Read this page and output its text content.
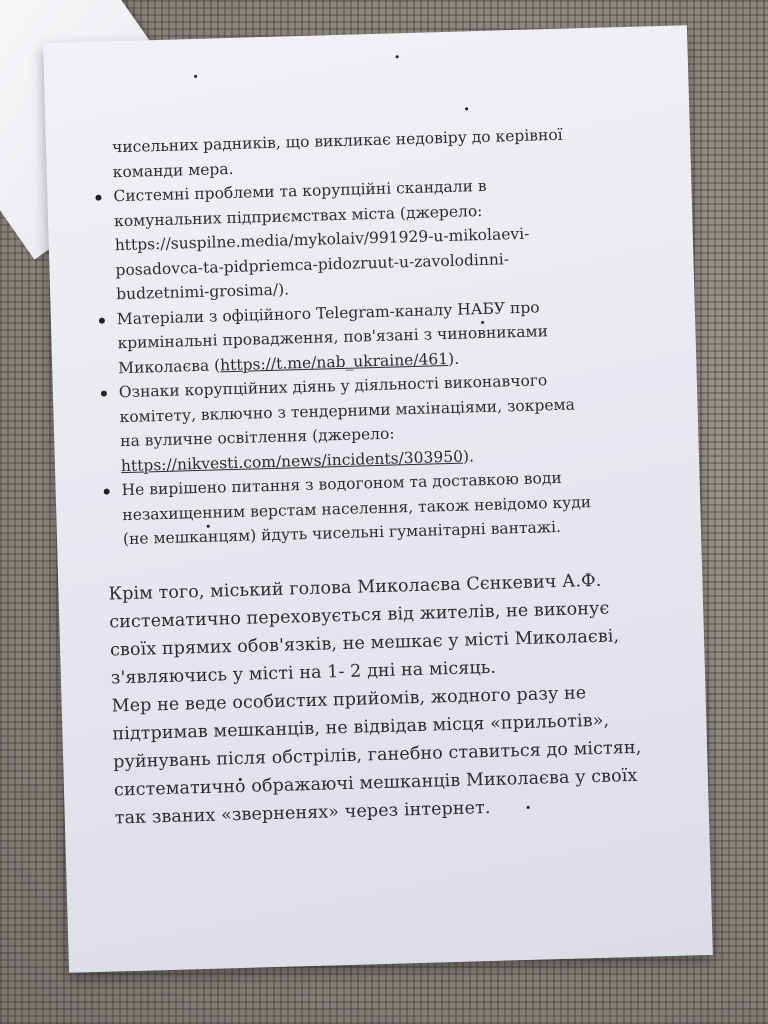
чисельних радників, що викликає недовіру до керівної
команди мера.
Системні проблеми та корупційні скандали в
комунальних підприємствах міста (джерело:
https://suspilne.media/mykolaiv/991929-u-mikolaevi-
posadovca-ta-pidpriemca-pidozruut-u-zavolodinni-
budzetnimi-grosima/).
Матеріали з офіційного Telegram-каналу НАБУ про
кримінальні провадження, пов'язані з чиновниками
Миколаєва (https://t.me/nab_ukraine/461).
Ознаки корупційних діянь у діяльності виконавчого
комітету, включно з тендерними махінаціями, зокрема
на вуличне освітлення (джерело:
https://nikvesti.com/news/incidents/303950).
Не вирішено питання з водогоном та доставкою води
незахищенним верстам населення, також невідомо куди
(не мешканцям) йдуть чисельні гуманітарні вантажі.
Крім того, міський голова Миколаєва Сєнкевич А.Ф.
систематично переховується від жителів, не виконує
своїх прямих обов'язків, не мешкає у місті Миколаєві,
з'являючись у місті на 1- 2 дні на місяць.
Мер не веде особистих прийомів, жодного разу не
підтримав мешканців, не відвідав місця «прильотів»,
руйнувань після обстрілів, ганебно ставиться до містян,
систематично ображаючі мешканців Миколаєва у своїх
так званих «зверненях» через інтернет.
